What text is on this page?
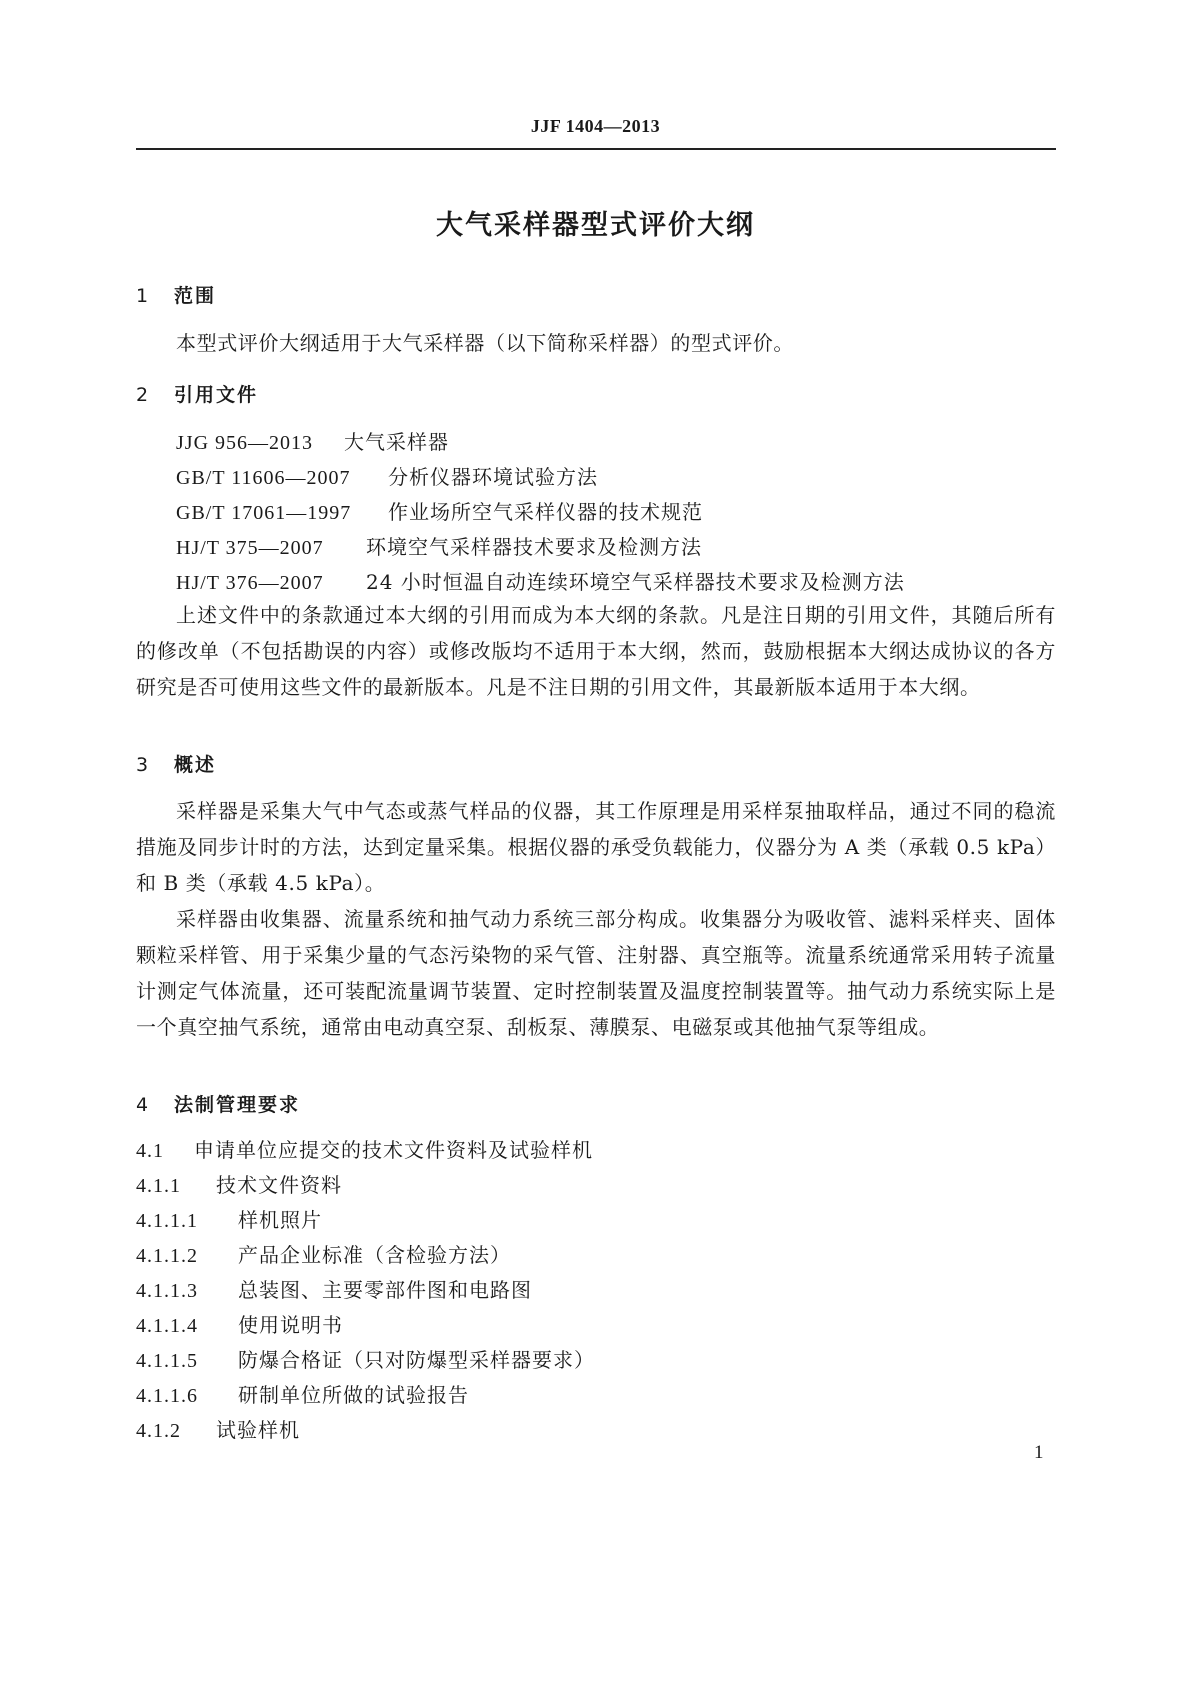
JJF 1404—2013
大气采样器型式评价大纲
1 范围
本型式评价大纲适用于大气采样器（以下简称采样器）的型式评价。
2 引用文件
JJG 956—2013 大气采样器
GB/T 11606—2007 分析仪器环境试验方法
GB/T 17061—1997 作业场所空气采样仪器的技术规范
HJ/T 375—2007 环境空气采样器技术要求及检测方法
HJ/T 376—2007 24 小时恒温自动连续环境空气采样器技术要求及检测方法
上述文件中的条款通过本大纲的引用而成为本大纲的条款。凡是注日期的引用文件，其随后所有的修改单（不包括勘误的内容）或修改版均不适用于本大纲，然而，鼓励根据本大纲达成协议的各方研究是否可使用这些文件的最新版本。凡是不注日期的引用文件，其最新版本适用于本大纲。
3 概述
采样器是采集大气中气态或蒸气样品的仪器，其工作原理是用采样泵抽取样品，通过不同的稳流措施及同步计时的方法，达到定量采集。根据仪器的承受负载能力，仪器分为 A 类（承载 0.5 kPa）和 B 类（承载 4.5 kPa）。
采样器由收集器、流量系统和抽气动力系统三部分构成。收集器分为吸收管、滤料采样夹、固体颗粒采样管、用于采集少量的气态污染物的采气管、注射器、真空瓶等。流量系统通常采用转子流量计测定气体流量，还可装配流量调节装置、定时控制装置及温度控制装置等。抽气动力系统实际上是一个真空抽气系统，通常由电动真空泵、刮板泵、薄膜泵、电磁泵或其他抽气泵等组成。
4 法制管理要求
4.1 申请单位应提交的技术文件资料及试验样机
4.1.1 技术文件资料
4.1.1.1 样机照片
4.1.1.2 产品企业标准（含检验方法）
4.1.1.3 总装图、主要零部件图和电路图
4.1.1.4 使用说明书
4.1.1.5 防爆合格证（只对防爆型采样器要求）
4.1.1.6 研制单位所做的试验报告
4.1.2 试验样机
1
